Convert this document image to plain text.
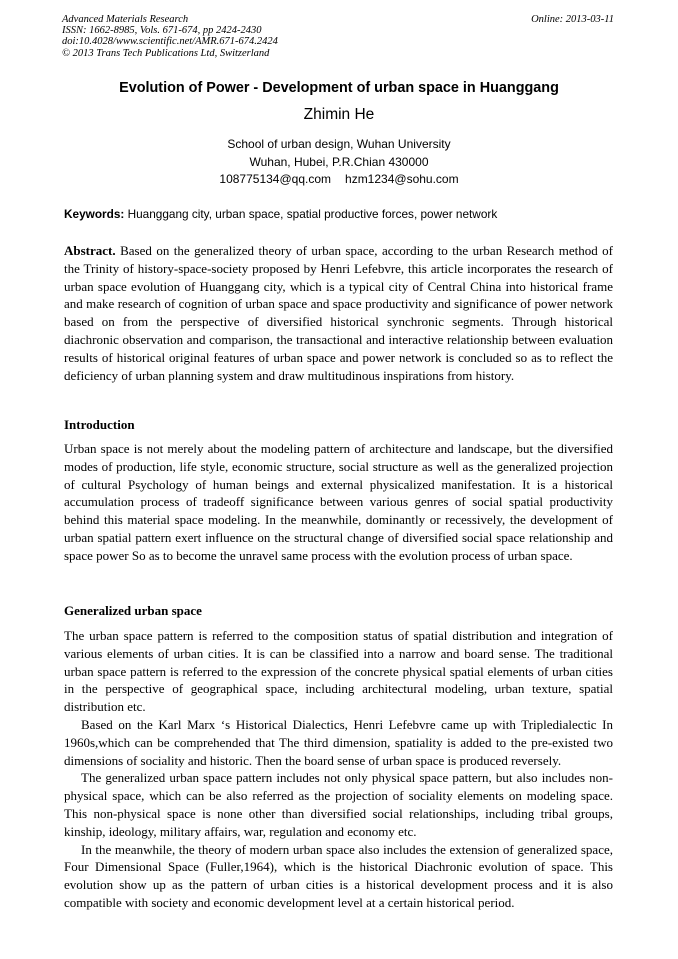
Advanced Materials Research
ISSN: 1662-8985, Vols. 671-674, pp 2424-2430
doi:10.4028/www.scientific.net/AMR.671-674.2424
© 2013 Trans Tech Publications Ltd, Switzerland
Online: 2013-03-11
Evolution of Power - Development of urban space in Huanggang
Zhimin He
School of urban design, Wuhan University
Wuhan, Hubei, P.R.Chian 430000
108775134@qq.com hzm1234@sohu.com
Keywords: Huanggang city, urban space, spatial productive forces, power network
Abstract. Based on the generalized theory of urban space, according to the urban Research method of the Trinity of history-space-society proposed by Henri Lefebvre, this article incorporates the research of urban space evolution of Huanggang city, which is a typical city of Central China into historical frame and make research of cognition of urban space and space productivity and significance of power network based on from the perspective of diversified historical synchronic segments. Through historical diachronic observation and comparison, the transactional and interactive relationship between evaluation results of historical original features of urban space and power network is concluded so as to reflect the deficiency of urban planning system and draw multitudinous inspirations from history.
Introduction
Urban space is not merely about the modeling pattern of architecture and landscape, but the diversified modes of production, life style, economic structure, social structure as well as the generalized projection of cultural Psychology of human beings and external physicalized manifestation. It is a historical accumulation process of tradeoff significance between various genres of social spatial productivity behind this material space modeling. In the meanwhile, dominantly or recessively, the development of urban spatial pattern exert influence on the structural change of diversified social space relationship and space power So as to become the unravel same process with the evolution process of urban space.
Generalized urban space

The urban space pattern is referred to the composition status of spatial distribution and integration of various elements of urban cities. It is can be classified into a narrow and board sense. The traditional urban space pattern is referred to the expression of the concrete physical spatial elements of urban cities in the perspective of geographical space, including architectural modeling, urban texture, spatial distribution etc.

Based on the Karl Marx ‘s Historical Dialectics, Henri Lefebvre came up with Tripledialectic In 1960s,which can be comprehended that The third dimension, spatiality is added to the pre-existed two dimensions of sociality and historic. Then the board sense of urban space is produced reversely.

The generalized urban space pattern includes not only physical space pattern, but also includes non-physical space, which can be also referred as the projection of sociality elements on modeling space. This non-physical space is none other than diversified social relationships, including tribal groups, kinship, ideology, military affairs, war, regulation and economy etc.

In the meanwhile, the theory of modern urban space also includes the extension of generalized space, Four Dimensional Space (Fuller,1964), which is the historical Diachronic evolution of space. This evolution show up as the pattern of urban cities is a historical development process and it is also compatible with society and economic development level at a certain historical period.
